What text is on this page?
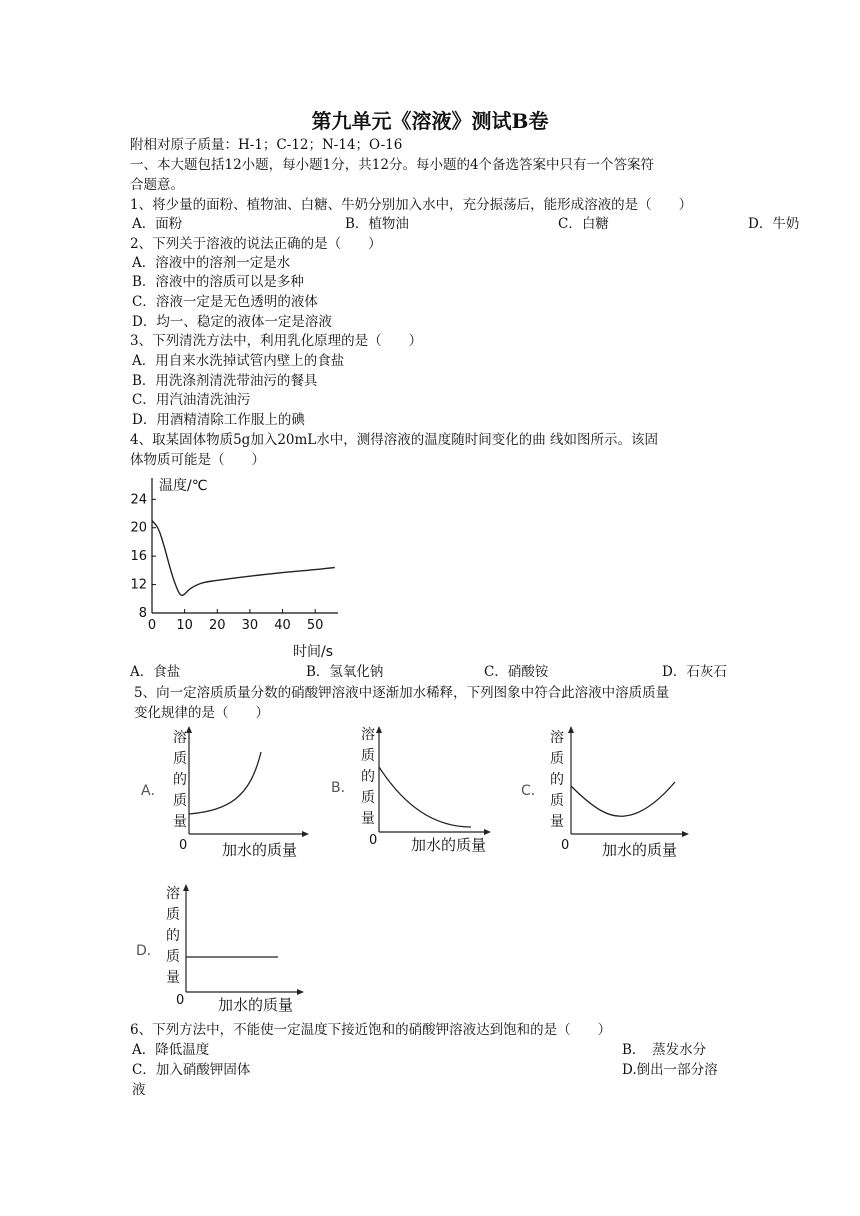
第九单元《溶液》测试B卷
附相对原子质量：H-1；C-12；N-14；O-16
一、本大题包括12小题，每小题1分，共12分。每小题的4个备选答案中只有一个答案符
合题意。
1、将少量的面粉、植物油、白糖、牛奶分别加入水中，充分振荡后，能形成溶液的是（　　）
A．面粉	B．植物油	C．白糖	D．牛奶
2、下列关于溶液的说法正确的是（　　）
A．溶液中的溶剂一定是水
B．溶液中的溶质可以是多种
C．溶液一定是无色透明的液体
D．均一、稳定的液体一定是溶液
3、下列清洗方法中，利用乳化原理的是（　　）
A．用自来水洗掉试管内壁上的食盐
B．用洗涤剂清洗带油污的餐具
C．用汽油清洗油污
D．用酒精清除工作服上的碘
4、取某固体物质5g加入20mL水中，测得溶液的温度随时间变化的曲 线如图所示。该固
体物质可能是（　　）
温度/℃
时间/s
0 10 20 30 40 50
8
12
16
20
24
A．食盐	B．氢氧化钠	C．硝酸铵	D．石灰石
5、向一定溶质质量分数的硝酸钾溶液中逐渐加水稀释，下列图象中符合此溶液中溶质质量
变化规律的是（　　）
A．
溶
质
的
质
量
0 加水的质量
B．
溶
质
的
质
量
0 加水的质量
C．
溶
质
的
质
量
0 加水的质量
D．
溶
质
的
质
量
0 加水的质量
6、下列方法中，不能使一定温度下接近饱和的硝酸钾溶液达到饱和的是（　　）
A．降低温度	B．　蒸发水分
C．加入硝酸钾固体	D.倒出一部分溶
液
